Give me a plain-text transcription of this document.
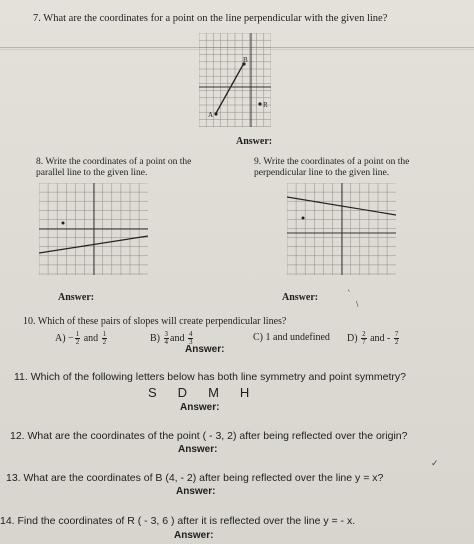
7. What are the coordinates for a point on the line perpendicular with the given line?
B
A
R
Answer:
8. Write the coordinates of a point on the parallel line to the given line.
9. Write the coordinates of a point on the perpendicular line to the given line.
Answer:	Answer:	`
\
10. Which of these pairs of slopes will create perpendicular lines?
$A) - \frac{1}{2}$ and $\frac{1}{2}$	$B) \frac{3}{4}$ and $\frac{4}{3}$	C) 1 and undefined $D) \frac{2}{7}$ and - $\frac{7}{2}$
Answer:
11. Which of the following letters below has both line symmetry and point symmetry?
S D M H
Answer:
12. What are the coordinates of the point ( - 3, 2) after being reflected over the origin?
Answer:
✓
13. What are the coordinates of B (4, - 2) after being reflected over the line y = x?
Answer:
14. Find the coordinates of R ( - 3, 6 ) after it is reflected over the line y = - x.
Answer:
